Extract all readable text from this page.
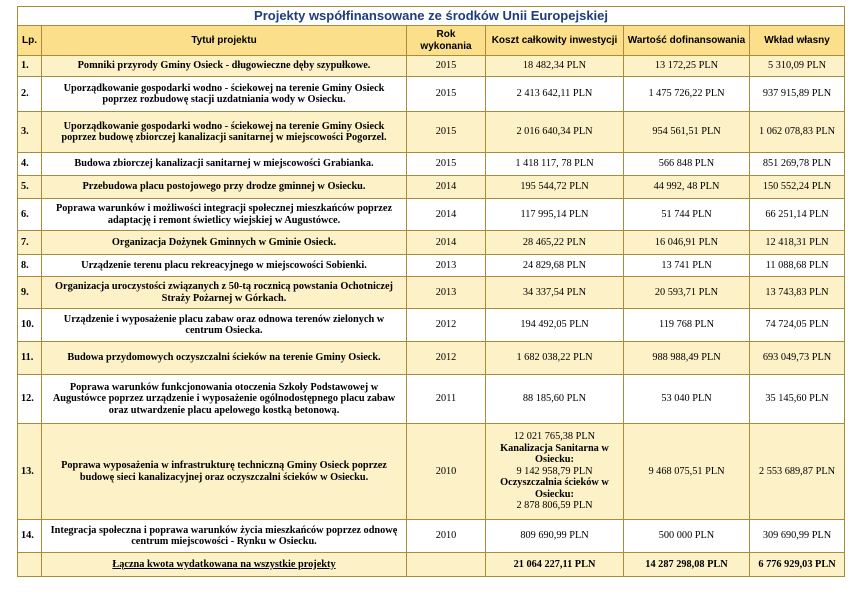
Projekty współfinansowane ze środków Unii Europejskiej					
Lp.	Tytuł projektu	Rok
wykonania	Koszt całkowity inwestycji	Wartość dofinansowania	Wkład własny
1.	Pomniki przyrody Gminy Osieck - długowieczne dęby szypułkowe.	2015	18 482,34 PLN	13 172,25 PLN	5 310,09 PLN
2.	Uporządkowanie gospodarki wodno - ściekowej na terenie Gminy Osieck poprzez rozbudowę stacji uzdatniania wody w Osiecku.	2015	2 413 642,11 PLN	1 475 726,22 PLN	937 915,89 PLN
3.	Uporządkowanie gospodarki wodno - ściekowej na terenie Gminy Osieck poprzez budowę zbiorczej kanalizacji sanitarnej w miejscowości Pogorzel.	2015	2 016 640,34 PLN	954 561,51 PLN	1 062 078,83 PLN
4.	Budowa zbiorczej kanalizacji sanitarnej w miejscowości Grabianka.	2015	1 418 117, 78 PLN	566 848 PLN	851 269,78 PLN
5.	Przebudowa placu postojowego przy drodze gminnej w Osiecku.	2014	195 544,72 PLN	44 992, 48 PLN	150 552,24 PLN
6.	Poprawa warunków i możliwości integracji społecznej mieszkańców poprzez adaptację i remont świetlicy wiejskiej w Augustówce.	2014	117 995,14 PLN	51 744 PLN	66 251,14 PLN
7.	Organizacja Dożynek Gminnych w Gminie Osieck.	2014	28 465,22 PLN	16 046,91 PLN	12 418,31 PLN
8.	Urządzenie terenu placu rekreacyjnego w miejscowości Sobienki.	2013	24 829,68 PLN	13 741 PLN	11 088,68 PLN
9.	Organizacja uroczystości związanych z 50-tą rocznicą powstania Ochotniczej Straży Pożarnej w Górkach.	2013	34 337,54 PLN	20 593,71 PLN	13 743,83 PLN
10.	Urządzenie i wyposażenie placu zabaw oraz odnowa terenów zielonych w centrum Osiecka.	2012	194 492,05 PLN	119 768 PLN	74 724,05 PLN
11.	Budowa przydomowych oczyszczalni ścieków na terenie Gminy Osieck.	2012	1 682 038,22 PLN	988 988,49 PLN	693 049,73 PLN
12.	Poprawa warunków funkcjonowania otoczenia Szkoły Podstawowej w Augustówce poprzez urządzenie i wyposażenie ogólnodostępnego placu zabaw oraz utwardzenie placu apelowego kostką betonową.	2011	88 185,60 PLN	53 040 PLN	35 145,60 PLN
13.	Poprawa wyposażenia w infrastrukturę techniczną Gminy Osieck poprzez budowę sieci kanalizacyjnej oraz oczyszczalni ścieków w Osiecku.	2010	12 021 765,38 PLN
Kanalizacja Sanitarna w Osiecku:
9 142 958,79 PLN
Oczyszczalnia ścieków w Osiecku:
2 878 806,59 PLN	9 468 075,51 PLN	2 553 689,87 PLN
14.	Integracja społeczna i poprawa warunków życia mieszkańców poprzez odnowę centrum miejscowości - Rynku w Osiecku.	2010	809 690,99 PLN	500 000 PLN	309 690,99 PLN
	Łączna kwota wydatkowana na wszystkie projekty		21 064 227,11 PLN	14 287 298,08 PLN	6 776 929,03 PLN
